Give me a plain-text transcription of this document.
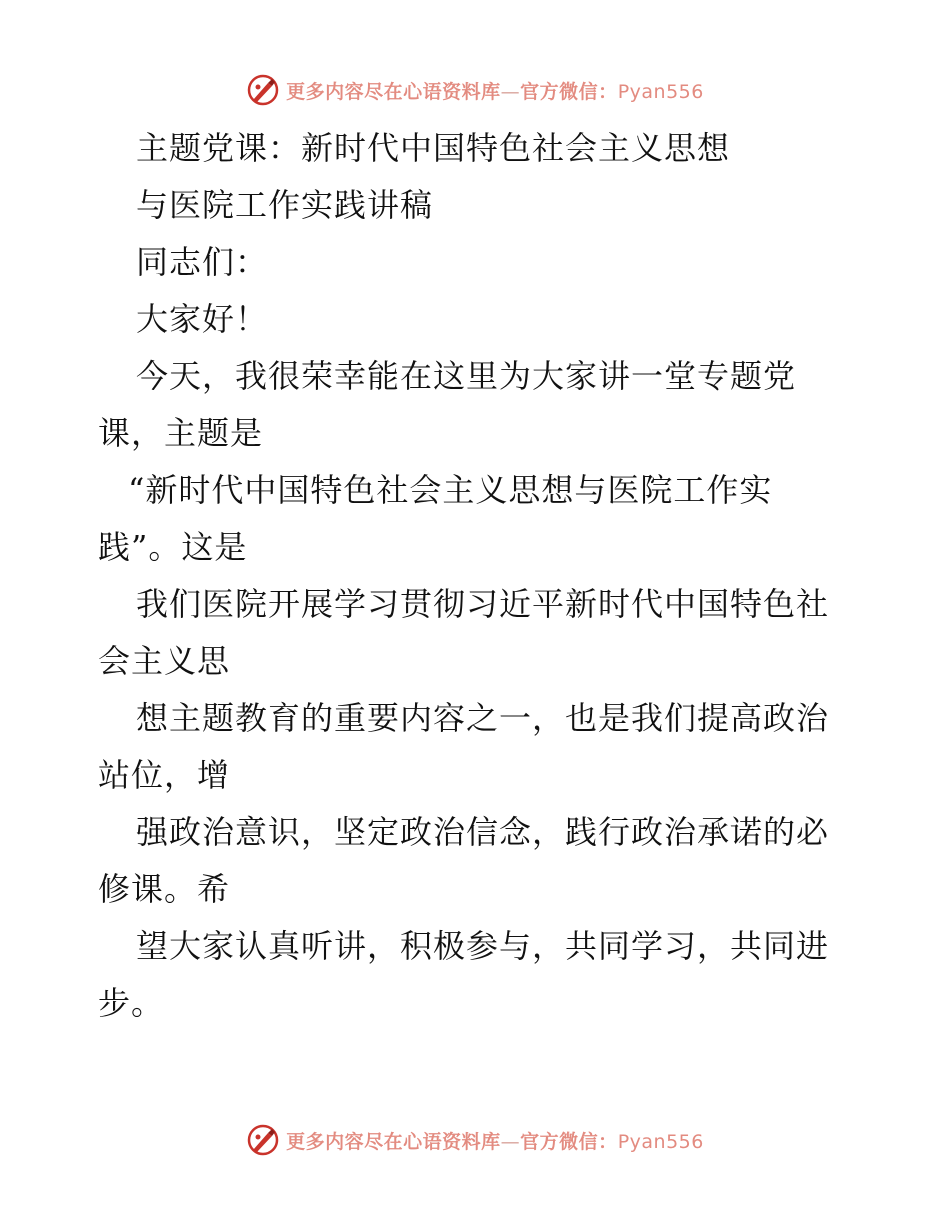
更多内容尽在心语资料库—官方微信：Pyan556
主题党课：新时代中国特色社会主义思想
与医院工作实践讲稿
同志们：
大家好！
今天，我很荣幸能在这里为大家讲一堂专题党
课，主题是
“新时代中国特色社会主义思想与医院工作实
践”。这是
我们医院开展学习贯彻习近平新时代中国特色社
会主义思
想主题教育的重要内容之一，也是我们提高政治
站位，增
强政治意识，坚定政治信念，践行政治承诺的必
修课。希
望大家认真听讲，积极参与，共同学习，共同进
步。
更多内容尽在心语资料库—官方微信：Pyan556
